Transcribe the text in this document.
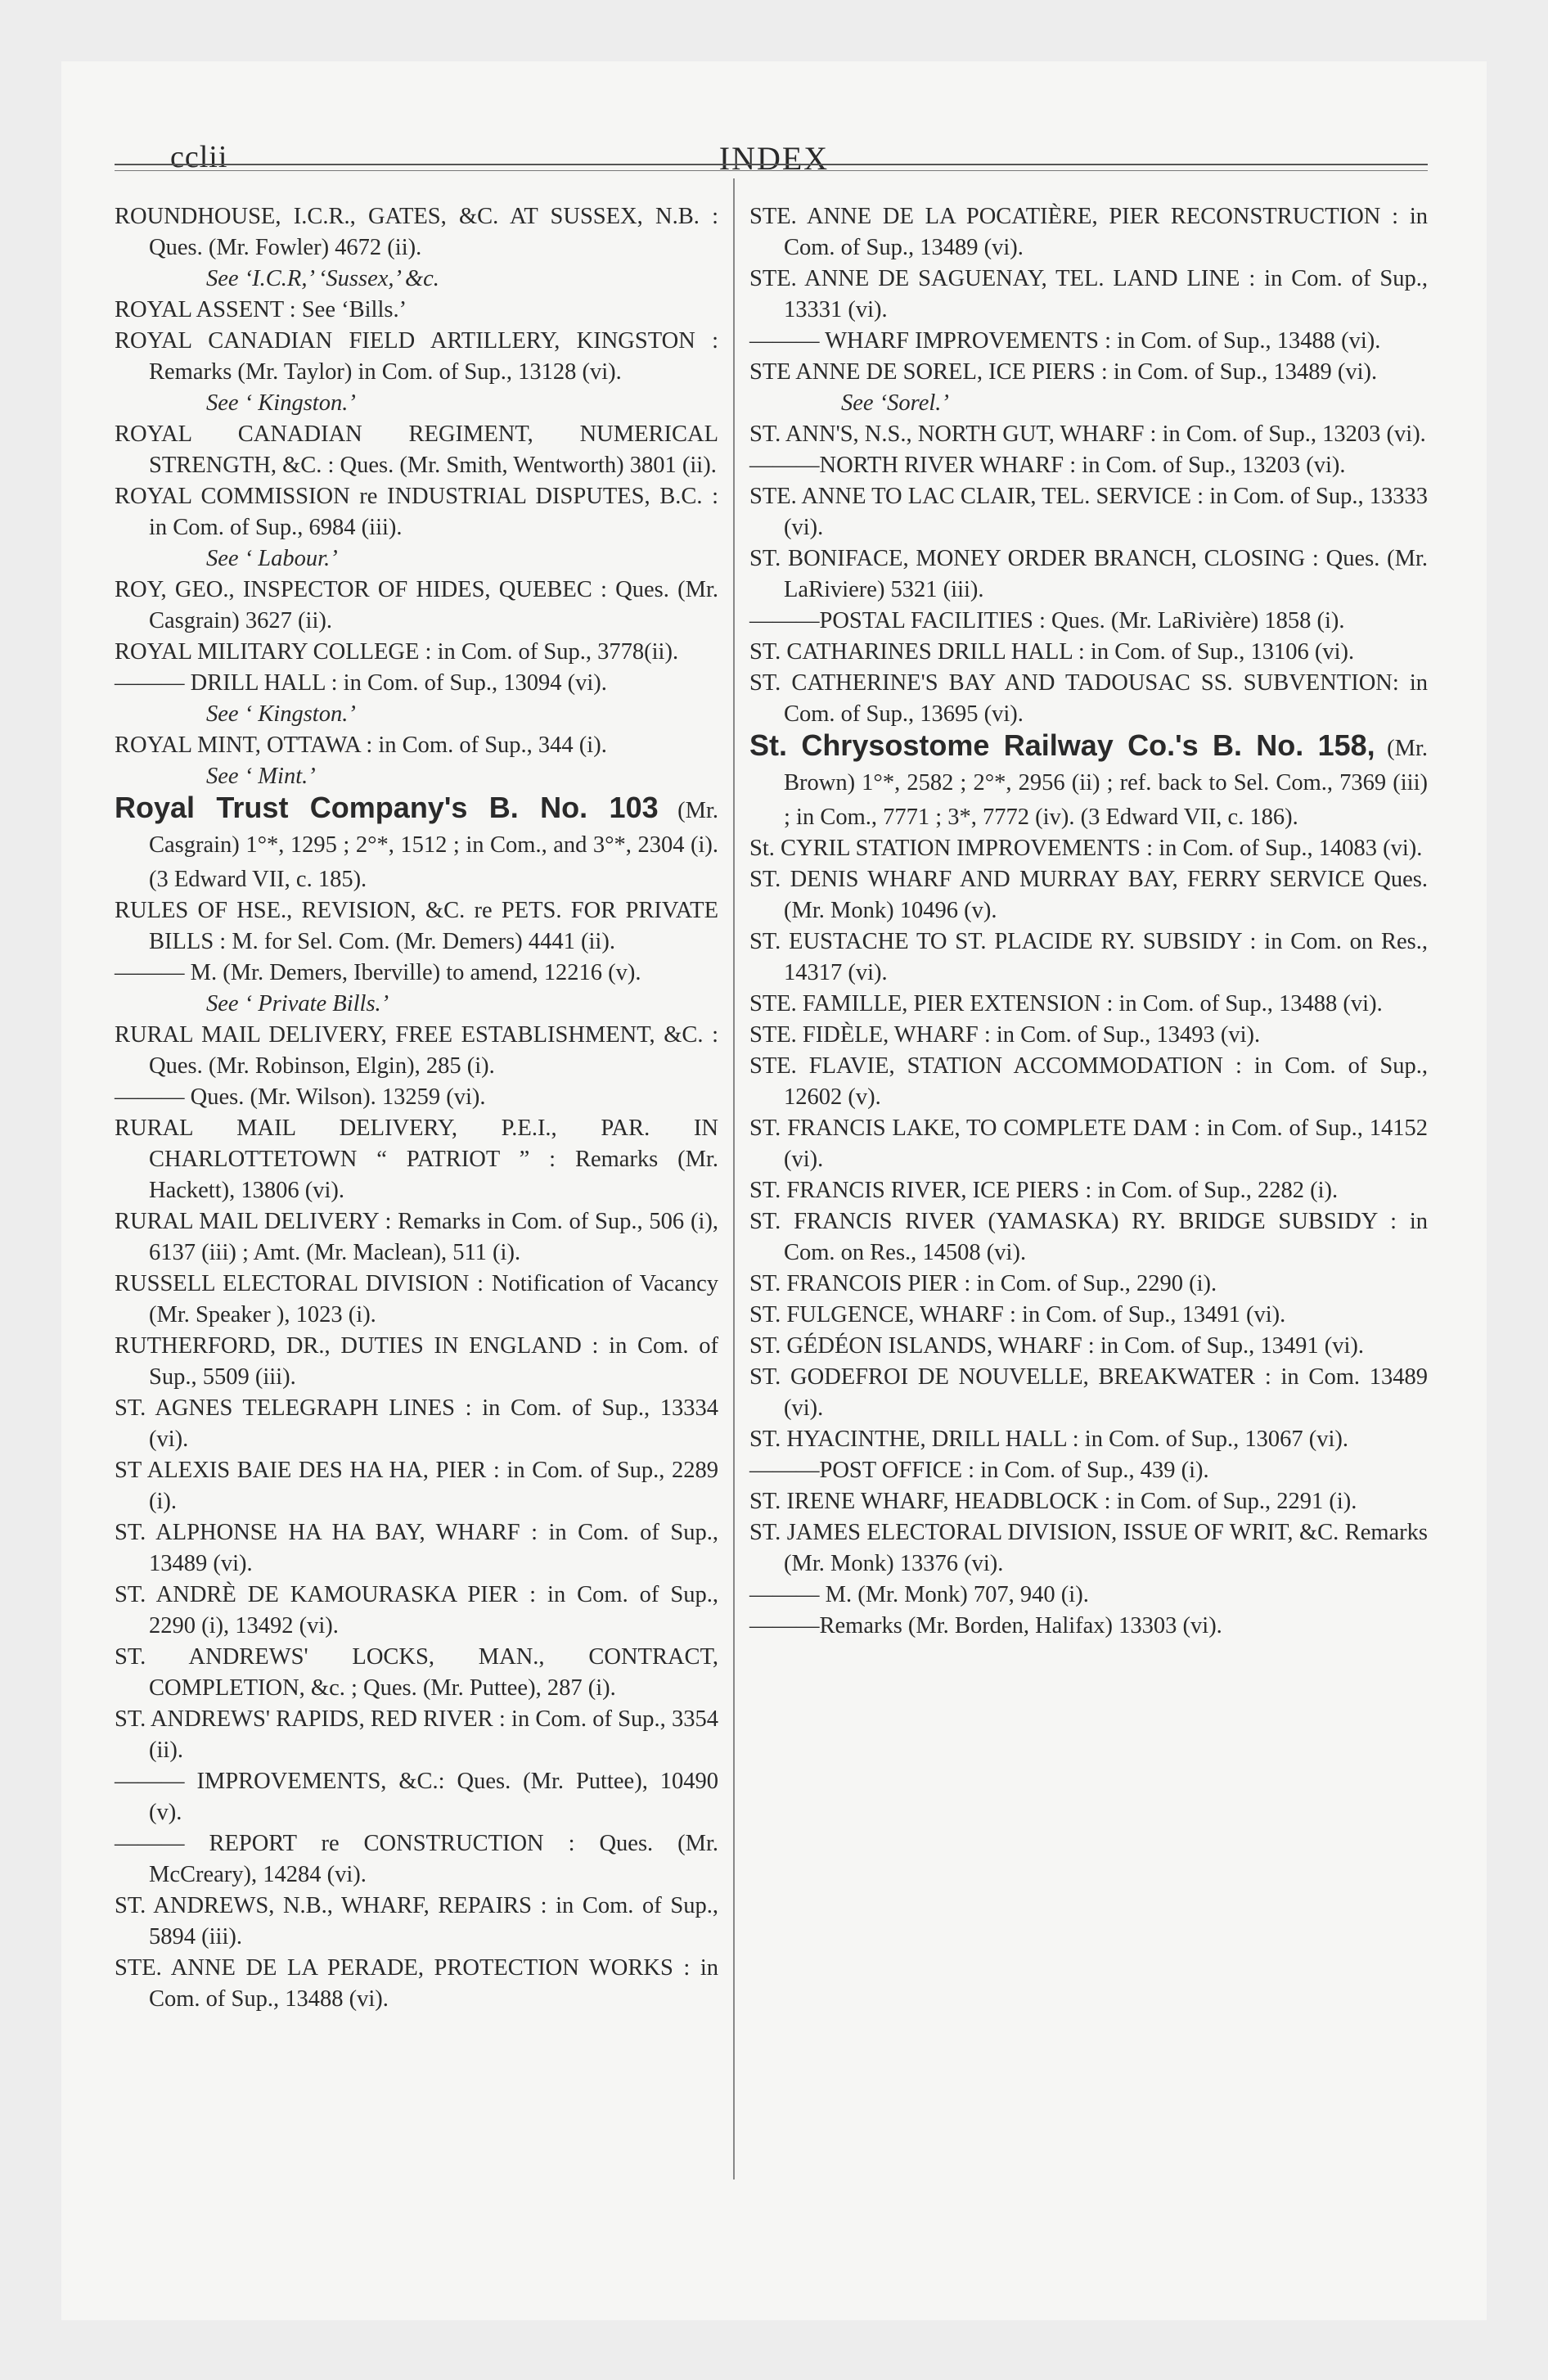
cclii	INDEX

ROUNDHOUSE, I.C.R., GATES, &C. AT SUSSEX, N.B. : Ques. (Mr. Fowler) 4672 (ii).

See ‘I.C.R,’ ‘Sussex,’ &c.

ROYAL ASSENT : See ‘Bills.’

ROYAL CANADIAN FIELD ARTILLERY, KINGSTON : Remarks (Mr. Taylor) in Com. of Sup., 13128 (vi).

See ‘ Kingston.’

ROYAL CANADIAN REGIMENT, NUMERICAL STRENGTH, &C. : Ques. (Mr. Smith, Wentworth) 3801 (ii).

ROYAL COMMISSION re INDUSTRIAL DISPUTES, B.C. : in Com. of Sup., 6984 (iii).

See ‘ Labour.’

ROY, GEO., INSPECTOR OF HIDES, QUEBEC : Ques. (Mr. Casgrain) 3627 (ii).

ROYAL MILITARY COLLEGE : in Com. of Sup., 3778(ii).

——— DRILL HALL : in Com. of Sup., 13094 (vi).

See ‘ Kingston.’

ROYAL MINT, OTTAWA : in Com. of Sup., 344 (i).

See ‘ Mint.’

Royal Trust Company's B. No. 103 (Mr. Casgrain) 1°*, 1295 ; 2°*, 1512 ; in Com., and 3°*, 2304 (i). (3 Edward VII, c. 185).

RULES OF HSE., REVISION, &C. re PETS. FOR PRIVATE BILLS : M. for Sel. Com. (Mr. Demers) 4441 (ii).

——— M. (Mr. Demers, Iberville) to amend, 12216 (v).

See ‘ Private Bills.’

RURAL MAIL DELIVERY, FREE ESTABLISHMENT, &C. : Ques. (Mr. Robinson, Elgin), 285 (i).

——— Ques. (Mr. Wilson). 13259 (vi).

RURAL MAIL DELIVERY, P.E.I., PAR. IN CHARLOTTETOWN “ PATRIOT ” : Remarks (Mr. Hackett), 13806 (vi).

RURAL MAIL DELIVERY : Remarks in Com. of Sup., 506 (i), 6137 (iii) ; Amt. (Mr. Maclean), 511 (i).

RUSSELL ELECTORAL DIVISION : Notification of Vacancy (Mr. Speaker ), 1023 (i).

RUTHERFORD, DR., DUTIES IN ENGLAND : in Com. of Sup., 5509 (iii).

ST. AGNES TELEGRAPH LINES : in Com. of Sup., 13334 (vi).

ST ALEXIS BAIE DES HA HA, PIER : in Com. of Sup., 2289 (i).

ST. ALPHONSE HA HA BAY, WHARF : in Com. of Sup., 13489 (vi).

ST. ANDRÈ DE KAMOURASKA PIER : in Com. of Sup., 2290 (i), 13492 (vi).

ST. ANDREWS' LOCKS, MAN., CONTRACT, COMPLETION, &c. ; Ques. (Mr. Puttee), 287 (i).

ST. ANDREWS' RAPIDS, RED RIVER : in Com. of Sup., 3354 (ii).

——— IMPROVEMENTS, &C.: Ques. (Mr. Puttee), 10490 (v).

——— REPORT re CONSTRUCTION : Ques. (Mr. McCreary), 14284 (vi).

ST. ANDREWS, N.B., WHARF, REPAIRS : in Com. of Sup., 5894 (iii).

STE. ANNE DE LA PERADE, PROTECTION WORKS : in Com. of Sup., 13488 (vi).

STE. ANNE DE LA POCATIÈRE, PIER RECONSTRUCTION : in Com. of Sup., 13489 (vi).

STE. ANNE DE SAGUENAY, TEL. LAND LINE : in Com. of Sup., 13331 (vi).

——— WHARF IMPROVEMENTS : in Com. of Sup., 13488 (vi).

STE ANNE DE SOREL, ICE PIERS : in Com. of Sup., 13489 (vi).

See ‘Sorel.’

ST. ANN'S, N.S., NORTH GUT, WHARF : in Com. of Sup., 13203 (vi).

———NORTH RIVER WHARF : in Com. of Sup., 13203 (vi).

STE. ANNE TO LAC CLAIR, TEL. SERVICE : in Com. of Sup., 13333 (vi).

ST. BONIFACE, MONEY ORDER BRANCH, CLOSING : Ques. (Mr. LaRiviere) 5321 (iii).

———POSTAL FACILITIES : Ques. (Mr. LaRivière) 1858 (i).

ST. CATHARINES DRILL HALL : in Com. of Sup., 13106 (vi).

ST. CATHERINE'S BAY AND TADOUSAC SS. SUBVENTION: in Com. of Sup., 13695 (vi).

St. Chrysostome Railway Co.'s B. No. 158, (Mr. Brown) 1°*, 2582 ; 2°*, 2956 (ii) ; ref. back to Sel. Com., 7369 (iii) ; in Com., 7771 ; 3*, 7772 (iv). (3 Edward VII, c. 186).

St. CYRIL STATION IMPROVEMENTS : in Com. of Sup., 14083 (vi).

ST. DENIS WHARF AND MURRAY BAY, FERRY SERVICE Ques. (Mr. Monk) 10496 (v).

ST. EUSTACHE TO ST. PLACIDE RY. SUBSIDY : in Com. on Res., 14317 (vi).

STE. FAMILLE, PIER EXTENSION : in Com. of Sup., 13488 (vi).

STE. FIDÈLE, WHARF : in Com. of Sup., 13493 (vi).

STE. FLAVIE, STATION ACCOMMODATION : in Com. of Sup., 12602 (v).

ST. FRANCIS LAKE, TO COMPLETE DAM : in Com. of Sup., 14152 (vi).

ST. FRANCIS RIVER, ICE PIERS : in Com. of Sup., 2282 (i).

ST. FRANCIS RIVER (YAMASKA) RY. BRIDGE SUBSIDY : in Com. on Res., 14508 (vi).

ST. FRANCOIS PIER : in Com. of Sup., 2290 (i).

ST. FULGENCE, WHARF : in Com. of Sup., 13491 (vi).

ST. GÉDÉON ISLANDS, WHARF : in Com. of Sup., 13491 (vi).

ST. GODEFROI DE NOUVELLE, BREAKWATER : in Com. 13489 (vi).

ST. HYACINTHE, DRILL HALL : in Com. of Sup., 13067 (vi).

———POST OFFICE : in Com. of Sup., 439 (i).

ST. IRENE WHARF, HEADBLOCK : in Com. of Sup., 2291 (i).

ST. JAMES ELECTORAL DIVISION, ISSUE OF WRIT, &C. Remarks (Mr. Monk) 13376 (vi).

——— M. (Mr. Monk) 707, 940 (i).

———Remarks (Mr. Borden, Halifax) 13303 (vi).
